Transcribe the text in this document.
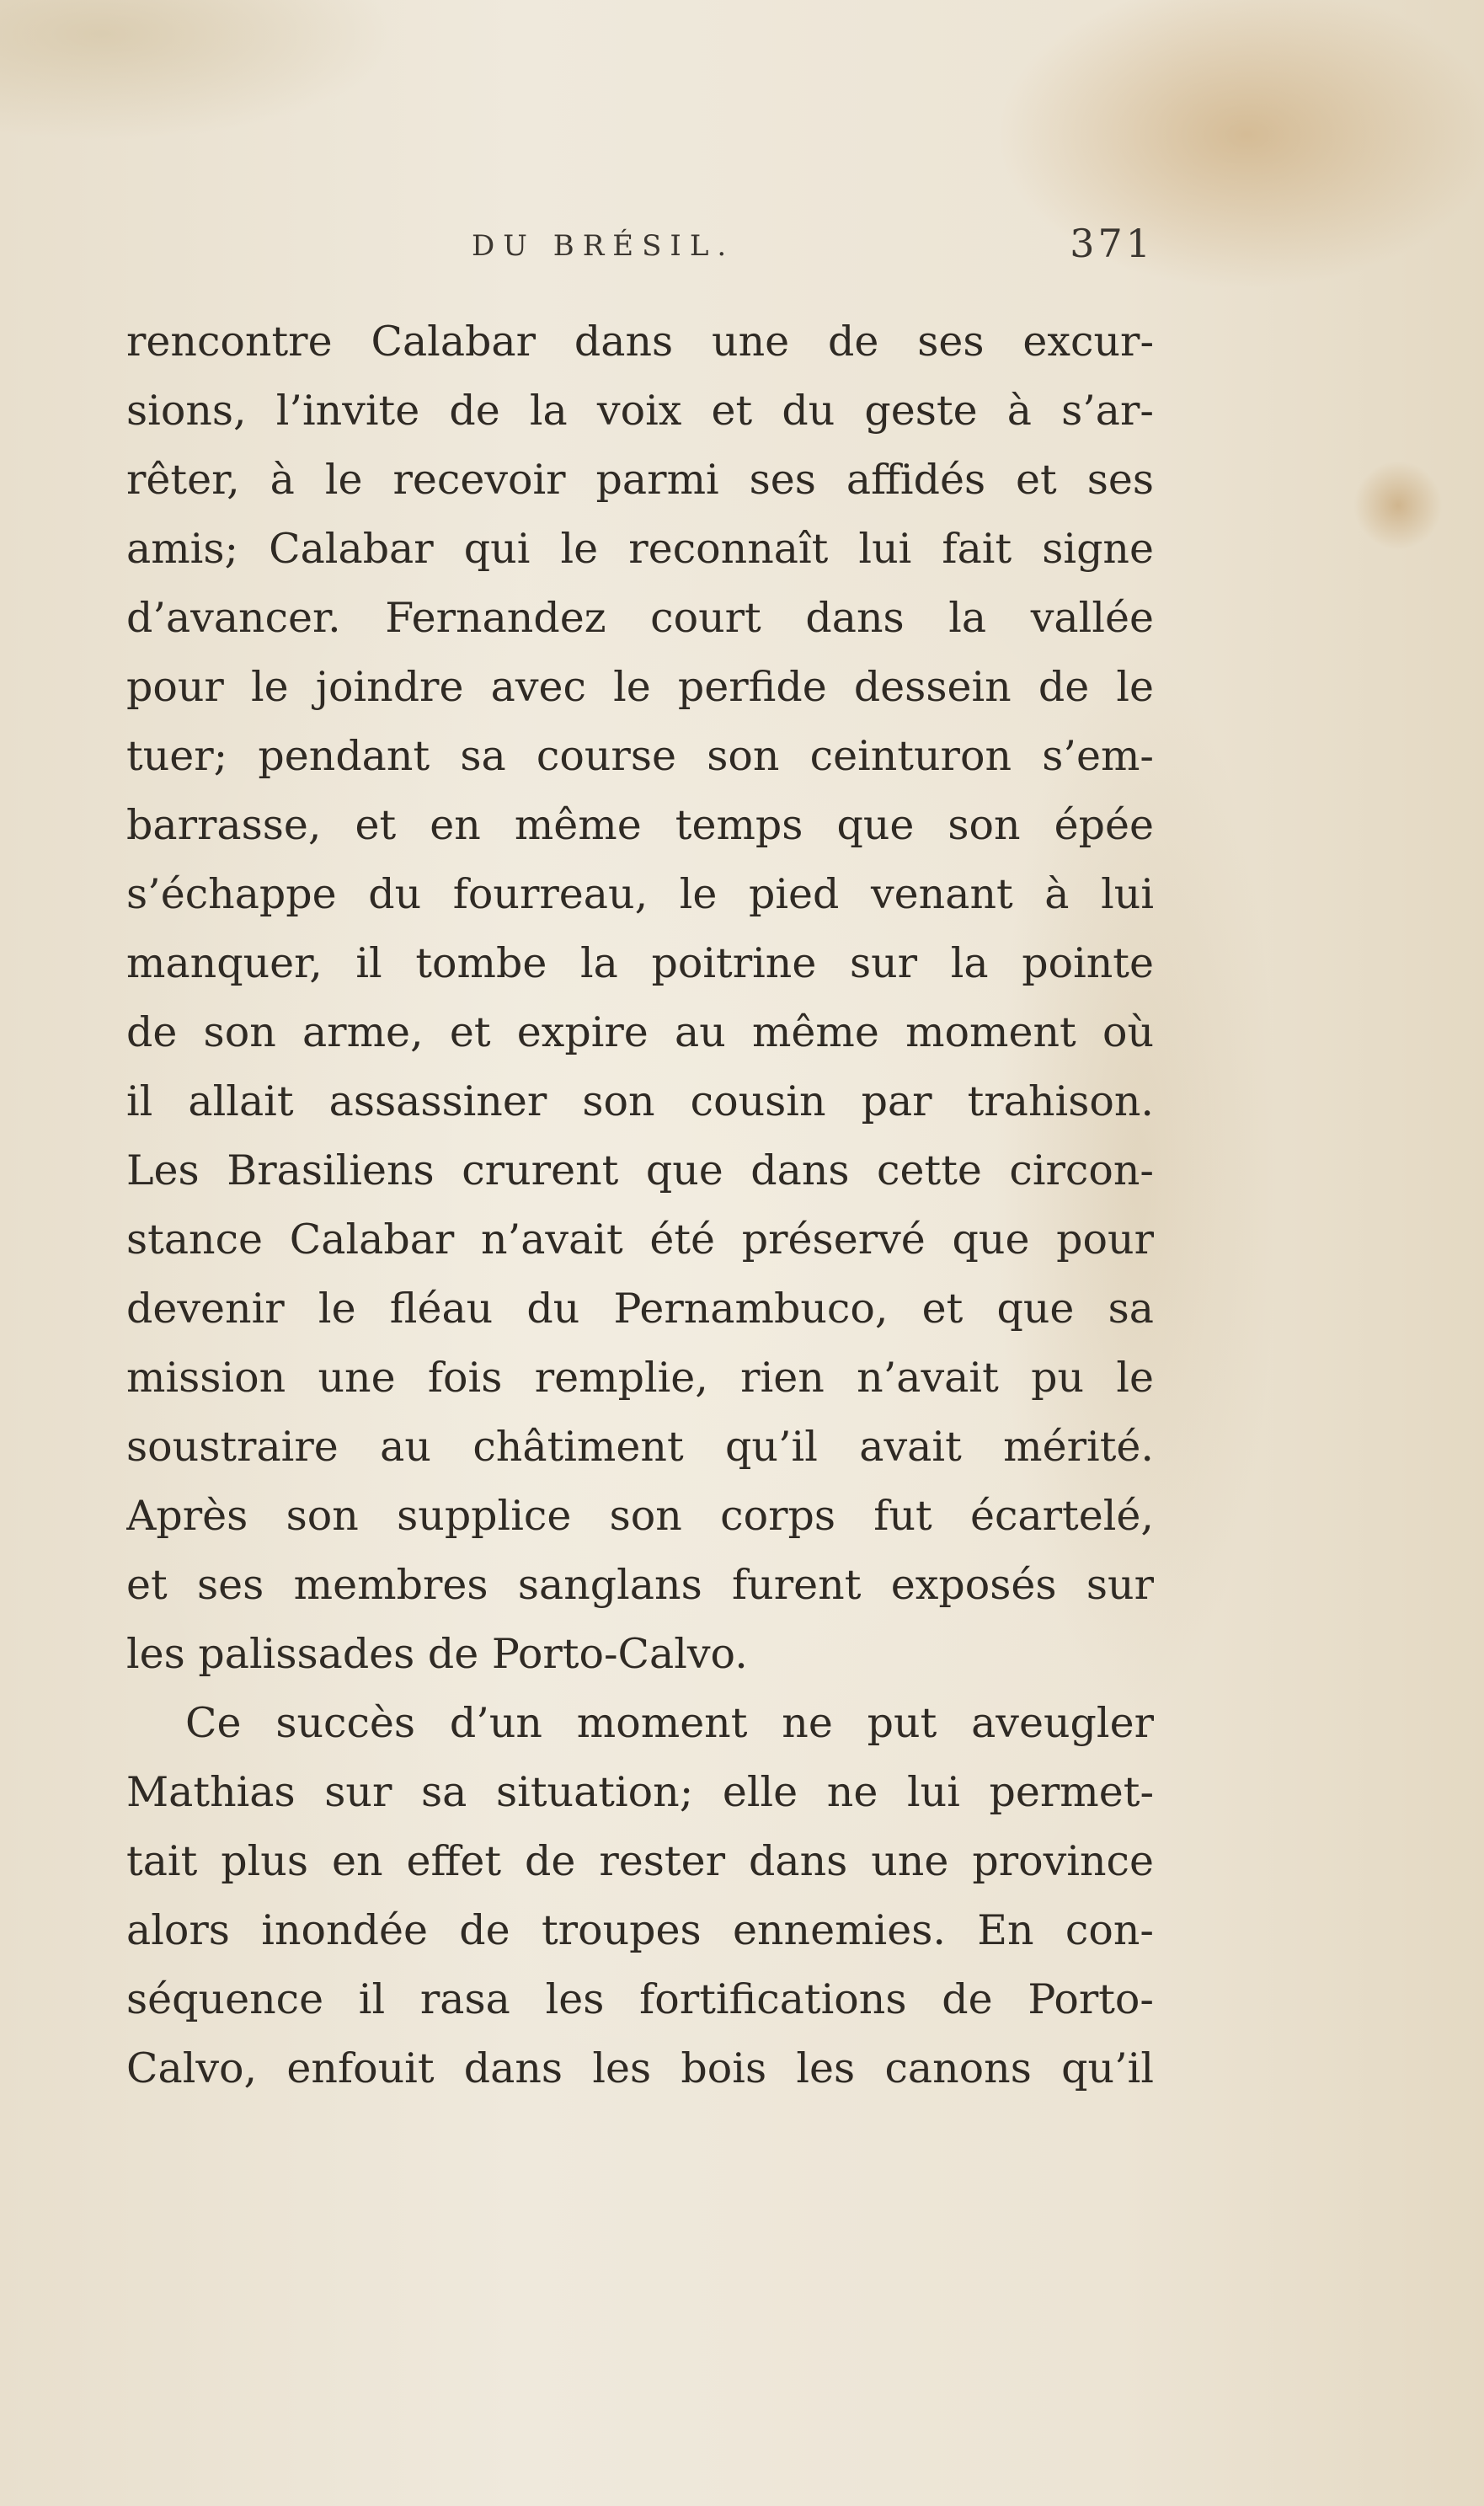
DU BRÉSIL.	371
rencontre Calabar dans une de ses excur-
sions, l’invite de la voix et du geste à s’ar-
rêter, à le recevoir parmi ses affidés et ses
amis; Calabar qui le reconnaît lui fait signe
d’avancer. Fernandez court dans la vallée
pour le joindre avec le perfide dessein de le
tuer; pendant sa course son ceinturon s’em-
barrasse, et en même temps que son épée
s’échappe du fourreau, le pied venant à lui
manquer, il tombe la poitrine sur la pointe
de son arme, et expire au même moment où
il allait assassiner son cousin par trahison.
Les Brasiliens crurent que dans cette circon-
stance Calabar n’avait été préservé que pour
devenir le fléau du Pernambuco, et que sa
mission une fois remplie, rien n’avait pu le
soustraire au châtiment qu’il avait mérité.
Après son supplice son corps fut écartelé,
et ses membres sanglans furent exposés sur
les palissades de Porto-Calvo.
Ce succès d’un moment ne put aveugler
Mathias sur sa situation; elle ne lui permet-
tait plus en effet de rester dans une province
alors inondée de troupes ennemies. En con-
séquence il rasa les fortifications de Porto-
Calvo, enfouit dans les bois les canons qu’il
